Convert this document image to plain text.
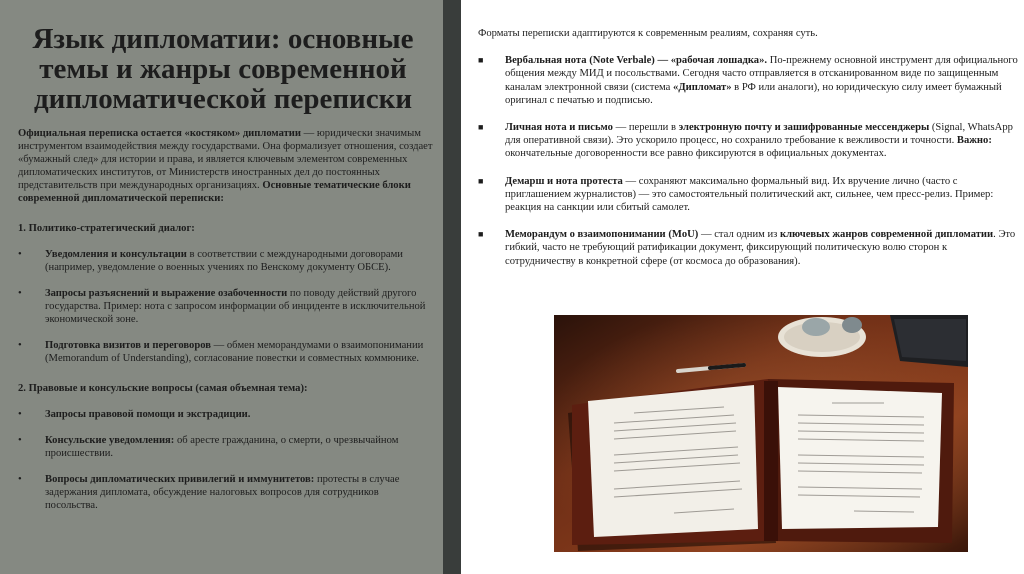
Язык дипломатии: основные темы и жанры современной дипломатической переписки

Официальная переписка остается «костяком» дипломатии — юридически значимым инструментом взаимодействия между государствами. Она формализует отношения, создает «бумажный след» для истории и права, и является ключевым элементом современных дипломатических институтов, от Министерств иностранных дел до постоянных представительств при международных организациях. Основные тематические блоки современной дипломатической переписки:

1. Политико-стратегический диалог:

•	Уведомления и консультации в соответствии с международными договорами (например, уведомление о военных учениях по Венскому документу ОБСЕ).

•	Запросы разъяснений и выражение озабоченности по поводу действий другого государства. Пример: нота с запросом информации об инциденте в исключительной экономической зоне.

•	Подготовка визитов и переговоров — обмен меморандумами о взаимопонимании (Memorandum of Understanding), согласование повестки и совместных коммюнике.

2. Правовые и консульские вопросы (самая объемная тема):

•	Запросы правовой помощи и экстрадиции.

•	Консульские уведомления: об аресте гражданина, о смерти, о чрезвычайном происшествии.

•	Вопросы дипломатических привилегий и иммунитетов: протесты в случае задержания дипломата, обсуждение налоговых вопросов для сотрудников посольства.

Форматы переписки адаптируются к современным реалиям, сохраняя суть.

■	Вербальная нота (Note Verbale) — «рабочая лошадка». По-прежнему основной инструмент для официального общения между МИД и посольствами. Сегодня часто отправляется в отсканированном виде по защищенным каналам электронной связи (система «Дипломат» в РФ или аналоги), но юридическую силу имеет бумажный оригинал с печатью и подписью.

■	Личная нота и письмо — перешли в электронную почту и зашифрованные мессенджеры (Signal, WhatsApp для оперативной связи). Это ускорило процесс, но сохранило требование к вежливости и точности. Важно: окончательные договоренности все равно фиксируются в официальных документах.

■	Демарш и нота протеста — сохраняют максимально формальный вид. Их вручение лично (часто с приглашением журналистов) — это самостоятельный политический акт, сильнее, чем пресс-релиз. Пример: реакция на санкции или сбитый самолет.

■	Меморандум о взаимопонимании (MoU) — стал одним из ключевых жанров современной дипломатии. Это гибкий, часто не требующий ратификации документ, фиксирующий политическую волю сторон к сотрудничеству в конкретной сфере (от космоса до образования).
